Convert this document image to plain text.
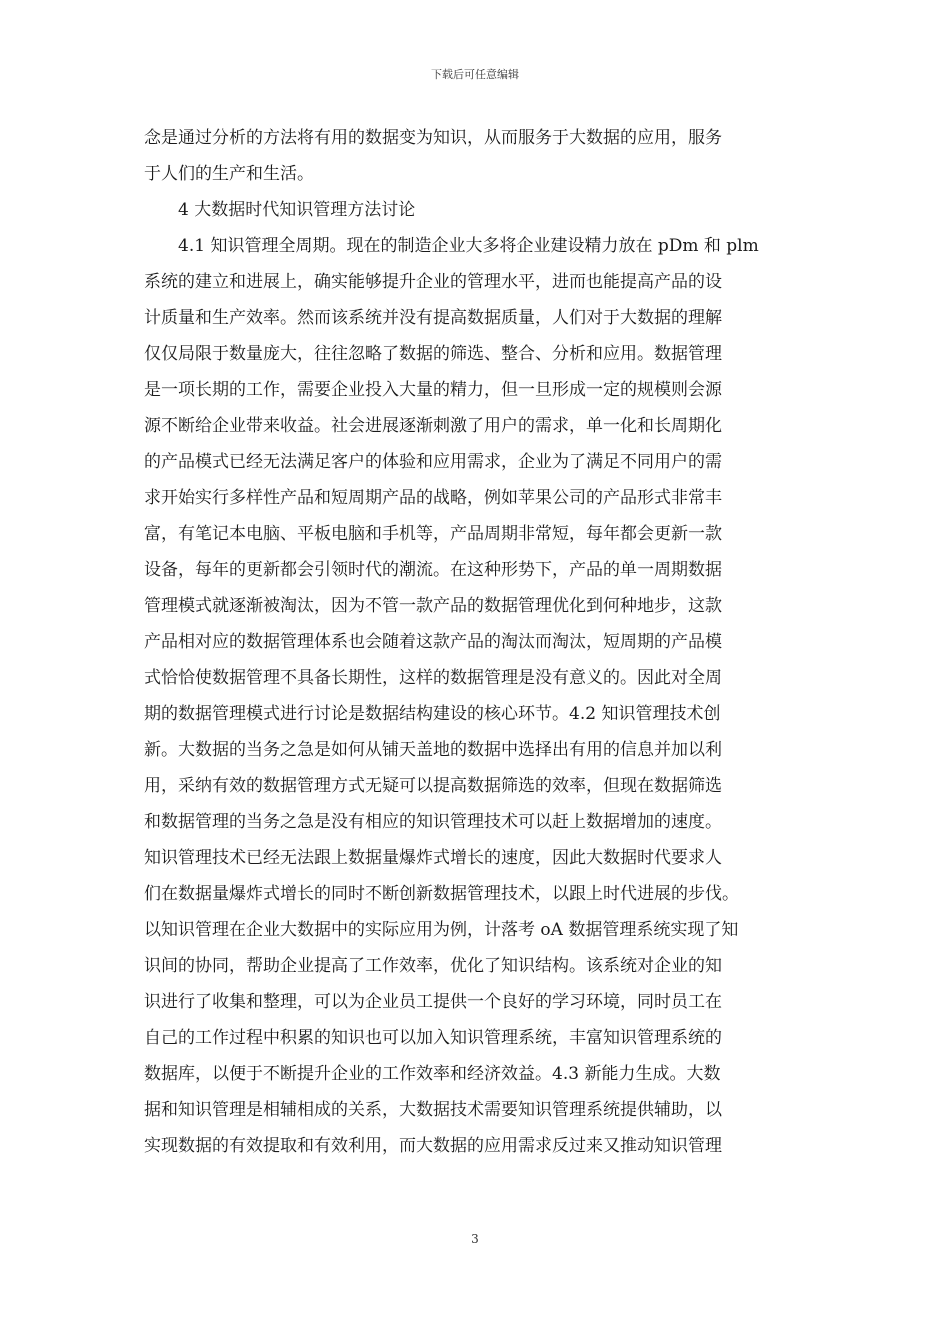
下载后可任意编辑
念是通过分析的方法将有用的数据变为知识，从而服务于大数据的应用，服务
于人们的生产和生活。
4 大数据时代知识管理方法讨论
4.1 知识管理全周期。现在的制造企业大多将企业建设精力放在 pDm 和 plm
系统的建立和进展上，确实能够提升企业的管理水平，进而也能提高产品的设
计质量和生产效率。然而该系统并没有提高数据质量，人们对于大数据的理解
仅仅局限于数量庞大，往往忽略了数据的筛选、整合、分析和应用。数据管理
是一项长期的工作，需要企业投入大量的精力，但一旦形成一定的规模则会源
源不断给企业带来收益。社会进展逐渐刺激了用户的需求，单一化和长周期化
的产品模式已经无法满足客户的体验和应用需求，企业为了满足不同用户的需
求开始实行多样性产品和短周期产品的战略，例如苹果公司的产品形式非常丰
富，有笔记本电脑、平板电脑和手机等，产品周期非常短，每年都会更新一款
设备，每年的更新都会引领时代的潮流。在这种形势下，产品的单一周期数据
管理模式就逐渐被淘汰，因为不管一款产品的数据管理优化到何种地步，这款
产品相对应的数据管理体系也会随着这款产品的淘汰而淘汰，短周期的产品模
式恰恰使数据管理不具备长期性，这样的数据管理是没有意义的。因此对全周
期的数据管理模式进行讨论是数据结构建设的核心环节。4.2 知识管理技术创
新。大数据的当务之急是如何从铺天盖地的数据中选择出有用的信息并加以利
用，采纳有效的数据管理方式无疑可以提高数据筛选的效率，但现在数据筛选
和数据管理的当务之急是没有相应的知识管理技术可以赶上数据增加的速度。
知识管理技术已经无法跟上数据量爆炸式增长的速度，因此大数据时代要求人
们在数据量爆炸式增长的同时不断创新数据管理技术，以跟上时代进展的步伐。
以知识管理在企业大数据中的实际应用为例，计落考 oA 数据管理系统实现了知
识间的协同，帮助企业提高了工作效率，优化了知识结构。该系统对企业的知
识进行了收集和整理，可以为企业员工提供一个良好的学习环境，同时员工在
自己的工作过程中积累的知识也可以加入知识管理系统，丰富知识管理系统的
数据库，以便于不断提升企业的工作效率和经济效益。4.3 新能力生成。大数
据和知识管理是相辅相成的关系，大数据技术需要知识管理系统提供辅助，以
实现数据的有效提取和有效利用，而大数据的应用需求反过来又推动知识管理
3
